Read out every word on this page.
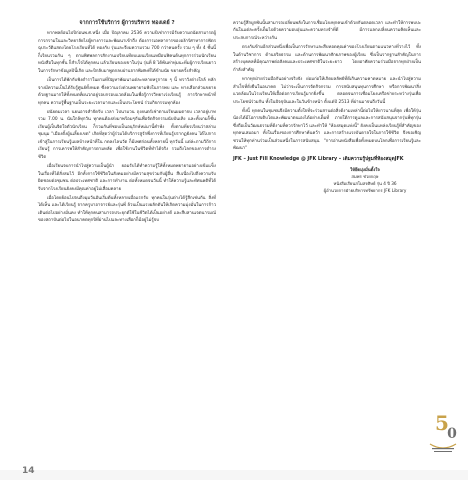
จากการใช้บริการ ผู้การบริหาร ทองเดย์ ?

หากพลย้อนไปปีก่อนพ.ศ.หนึ่ง เมื่อ ปีญุลาคม 2536 ความปีเช่าการมีรับความถนัดสามารถผู้การกรามในและวิทยาลัยไปผู้ทางการและพัฒนาเข้าถึง ต้องการเอพลาการขององักร์ศาหาการฟัตรฉุประวัติแสดงโดยโรงเรียนที่ได้ ทองกับ รุ่นและจึงมความรวม 700 กว่าคนครั้ง รวม ๆ ทั้ง 4 ชั้นนี้ ก็เรียนรวมกัน ๆ ตามพิศพลการสักงานเปรียบเทียบแผนเรียนเหมือนฟิคนด้นทุกการร่วมนักเรียนหนังสือในทุกชั้น ก็สำเร็จได้ทุกคน แล้วเรียนของเขาในรุ่น รุ่นที่ 8 ได้พ้นท่าทุ่มนะที่มผู้การเรียนยาวในการรักษาข้อมูลปีนี้เกิด และปีกลับมาพูดกลบผ่านจากพิเศษที่ได้ข้ามนัย ขยายครั้งสำคัญ

เป็นการได้พักกับฟังตำราในยามที่ปัญหาพัฒนาแต่ละหลายหรูการย ๆ นี้ ทราวังต่างใกล้ หลักจางมีความเป็นได้รับรู้ศูนย์ทั้งหมด ซึ่งความเร่งด่วนพยายามฟังในการพบ และ ทางเลือกส่วนขยายด้วยฐานมากให้ทั้งหมดที่ผนวกอยู่รอบกรอบแวดล้อมในเพื่อรู้การวิทยาเร่งเรียนรู้ การรักษาหน้าที่ทุกคน ความรู้พื้นฐานเป็นระยะเวลามากและเป็นประโยชน์ ร่วมกิจกรรมทุกห้อง

ฝนัยดมเวลา นยนอาจสำจัดรับ เวลา ไปนามวน ถุงยนตร์เช่าตามเรียนผมตาจบ เวลาอยู่บาทรวม 7.00 น. นันใกล้ทุกวัน ทุกคนต้องส่งมาพร้อมๆกันเพื่อจัดกิจกรรมนับบันเทิง และทั้งเกมก็ชั้นเรียนผู้เป็นจิตใจตัวนักเรียน ก็รวมกันที่ชอบเป็นอนุรักษ์หม่มานี้คำพ้ง ทั้งตามที่ยรเรียนว่าสล่ามชุมนุม "เมืองตั้งผู้นเลี้ยงเขต" เกิดที่สุดว่าผู้ร่วมได้บริการสูรักพึ่งการที่เรียนรู้ปรากฏยังคน ได้ไปการเข้าสู่ในการเรียนรู้แผลบ้างหน้าที่ใน กดลงไลนวัต ก็มีเพศก่อนทั้งหลายนี้ ทุกวันนี้ แต่ล่ะภามวิถีการเรียนรู้ การเคารพให้สำคัญการตามหลัด เพื่อใช้งานในชีวิตที่ทำได้จริง รวมถึงโลกของการดำรงชีวิต

เมื่อเรียนจบการนำไปสู่ความเป็นผู้นำ ยอมรับได้ทำความรู้ให้ทั้งหมดพยายามอย่างเข้มแข็ง ในเรื่องที่ได้สั่งสมไว้ อีกทั้งการใช้ชีวิตในสังคมอย่างมีความสุขร่วมกับผู้อื่น สืบเนื่องไปถึงความรับผิดชอบต่อชุมชน ต่อประเทศชาติ และการทำงาน ต่อทั้งหมดจนวันนี้ ทำให้ความรู้และทัศนคติที่ได้รับจากโรงเรียนยังคงมีคุณค่าอยู่ไม่เสื่อมคลาย

เมื่อโดยย้อนไปจนถึงมุมวันอันเริ่มต้นทั้งหลายเมื่อแรกรับ ทุกคนในรุ่นต่างได้รู้สึกเช่นกัน สิ่งที่ได้เห็น และได้เรียนรู้ จากครูบาอาจารย์และรุ่นพี่ ล้วนเป็นแรงผลักดันให้เกิดความมุ่งมั่นในการก้าวเดินต่อไปอย่างมั่นคง ทำให้ทุกคนสามารถประยุกต์ใช้ในชีวิตได้เป็นอย่างดี และสืบสานเจตนารมณ์ของสถาบันต่อไปในอนาคตทุกปีที่ผ่านไปและทางเลือกก็มีอยู่ไม่รู้จบ

ความรู้สึกผูกพันนั้นสามารถเปลี่ยนพลังในการเชื่อมโยงทุกคนเข้าด้วยกันตลอดเวลา และทำให้การพบปะกันในแต่ละครั้งเต็มไปด้วยความอบอุ่นและความทรงจำที่ดี มีการแลกเปลี่ยนความคิดเห็นและประสบการณ์ระหว่างกัน

ตรงกันข้ามอีกส่วนหนึ่งเพื่อเป็นการรักษาและสืบทอดคุณค่าของโรงเรียนตามแนวทางที่วางไว้ ทั้งในด้านวิชาการ ด้านจริยธรรม และด้านการพัฒนาศักยภาพของผู้เรียน ซึ่งเป็นรากฐานสำคัญในการสร้างบุคคลที่มีคุณภาพต่อสังคมและประเทศชาติในระยะยาว โดยอาศัยความร่วมมือจากทุกฝ่ายเป็นกำลังสำคัญ

หากทุกฝ่ายร่วมมือกันอย่างจริงจัง ย่อมก่อให้เกิดผลลัพธ์ที่ดีเกินความคาดหมาย และนำไปสู่ความสำเร็จที่ยั่งยืนในอนาคต ไม่ว่าจะเป็นการจัดกิจกรรม การสนับสนุนทุนการศึกษา หรือการพัฒนาสิ่งแวดล้อมในโรงเรียนให้เอื้อต่อการเรียนรู้มากยิ่งขึ้น ตลอดจนการเชื่อมโยงเครือข่ายระหว่างรุ่นเพื่อประโยชน์ร่วมกัน ทั้งในปัจจุบันและในวันข้างหน้า ตั้งแต่ปี 2513 ที่ผ่านมาจนถึงวันนี้

ทั้งนี้ ทุกคนในชุมชนจึงมีความตั้งใจที่จะร่วมสานต่อสิ่งดีงามเหล่านี้ต่อไปให้ยาวนานที่สุด เพื่อให้รุ่นน้องได้มีโอกาสเติบโตและพัฒนาตนเองได้อย่างเต็มที่ ภายใต้การดูแลและการสนับสนุนจากรุ่นพี่ทุกรุ่น ซึ่งถือเป็นวัฒนธรรมที่ดีงามที่ควรรักษาไว้ และทำให้ "ห้องสมุดแห่งนี้" ยังคงเป็นแหล่งเรียนรู้ที่สำคัญของทุกคนเสมอมา ทั้งในเรื่องของการศึกษาค้นคว้า และการสร้างแรงบันดาลใจในการใช้ชีวิต จึงขอเชิญชวนให้ทุกท่านร่วมเป็นส่วนหนึ่งในการสนับสนุน "การอ่านหนังสือเพื่อทั้งหมดบนโลกเพื่อการเรียนรู้และพัฒนา"

JFK – Just Fill Knowledge @ JFK Library – เติมความรู้ปฐมที่ห้องสมุดJFK
ให้ยึดมุ่งมั่นตั้งใจ
สมพร ช่วยกฤษ
หนังสือเรียนสโมสรศิษย์ รุ่น 4 ปี 36
ผู้อำนวยการฝ่ายบริหารทรัพยากร JFK Library
5
0
14
